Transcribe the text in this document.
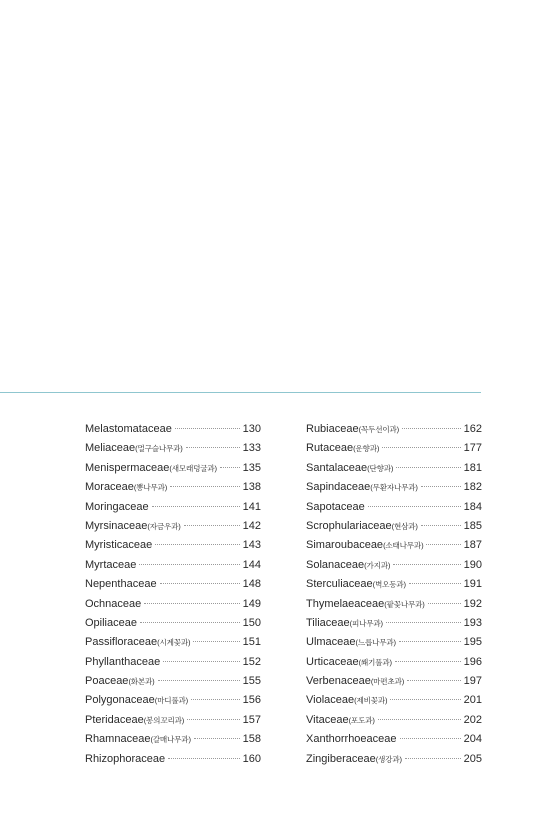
Melastomataceae	130
Meliaceae(멀구슬나무과)	133
Menispermaceae(새모래덩굴과) 135
Moraceae(뽕나무과)	138
Moringaceae	141
Myrsinaceae(자금우과)	142
Myristicaceae	143
Myrtaceae	144
Nepenthaceae	148
Ochnaceae	149
Opiliaceae	150
Passifloraceae(시계꽃과)	151
Phyllanthaceae	152
Poaceae(화본과)	155
Polygonaceae(마디풀과)	156
Pteridaceae(봉의꼬리과)	157
Rhamnaceae(갈매나무과)	158
Rhizophoraceae	160
Rubiaceae(꼭두선이과)	162
Rutaceae(운향과)	177
Santalaceae(단향과)	181
Sapindaceae(무환자나무과)	182
Sapotaceae	184
Scrophulariaceae(현삼과)	185
Simaroubaceae(소태나무과)	187
Solanaceae(가지과)	190
Sterculiaceae(벽오동과)	191
Thymelaeaceae(팥꽃나무과)	192
Tiliaceae(피나무과)	193
Ulmaceae(느릅나무과)	195
Urticaceae(쐐기풀과)	196
Verbenaceae(마편초과)	197
Violaceae(제비꽃과)	201
Vitaceae(포도과)	202
Xanthorrhoeaceae	204
Zingiberaceae(생강과)	205
